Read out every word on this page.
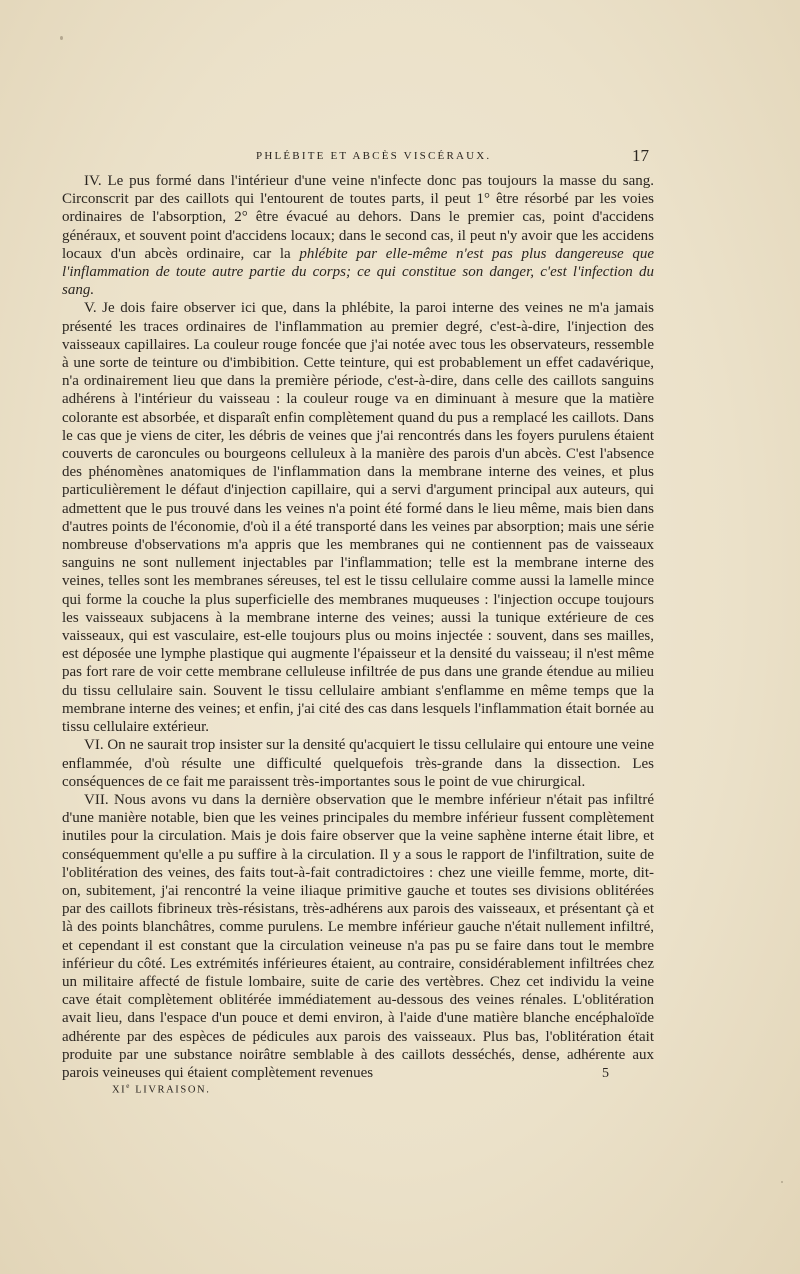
PHLÉBITE ET ABCÈS VISCÉRAUX.	17

IV. Le pus formé dans l'intérieur d'une veine n'infecte donc pas toujours la masse du sang. Circonscrit par des caillots qui l'entourent de toutes parts, il peut 1° être résorbé par les voies ordinaires de l'absorption, 2° être évacué au dehors. Dans le premier cas, point d'accidens généraux, et souvent point d'accidens locaux; dans le second cas, il peut n'y avoir que les accidens locaux d'un abcès ordinaire, car la phlébite par elle-même n'est pas plus dangereuse que l'inflammation de toute autre partie du corps; ce qui constitue son danger, c'est l'infection du sang.

V. Je dois faire observer ici que, dans la phlébite, la paroi interne des veines ne m'a jamais présenté les traces ordinaires de l'inflammation au premier degré, c'est-à-dire, l'injection des vaisseaux capillaires. La couleur rouge foncée que j'ai notée avec tous les observateurs, ressemble à une sorte de teinture ou d'imbibition. Cette teinture, qui est probablement un effet cadavérique, n'a ordinairement lieu que dans la première période, c'est-à-dire, dans celle des caillots sanguins adhérens à l'intérieur du vaisseau : la couleur rouge va en diminuant à mesure que la matière colorante est absorbée, et disparaît enfin complètement quand du pus a remplacé les caillots. Dans le cas que je viens de citer, les débris de veines que j'ai rencontrés dans les foyers purulens étaient couverts de caroncules ou bourgeons celluleux à la manière des parois d'un abcès. C'est l'absence des phénomènes anatomiques de l'inflammation dans la membrane interne des veines, et plus particulièrement le défaut d'injection capillaire, qui a servi d'argument principal aux auteurs, qui admettent que le pus trouvé dans les veines n'a point été formé dans le lieu même, mais bien dans d'autres points de l'économie, d'où il a été transporté dans les veines par absorption; mais une série nombreuse d'observations m'a appris que les membranes qui ne contiennent pas de vaisseaux sanguins ne sont nullement injectables par l'inflammation; telle est la membrane interne des veines, telles sont les membranes séreuses, tel est le tissu cellulaire comme aussi la lamelle mince qui forme la couche la plus superficielle des membranes muqueuses : l'injection occupe toujours les vaisseaux subjacens à la membrane interne des veines; aussi la tunique extérieure de ces vaisseaux, qui est vasculaire, est-elle toujours plus ou moins injectée : souvent, dans ses mailles, est déposée une lymphe plastique qui augmente l'épaisseur et la densité du vaisseau; il n'est même pas fort rare de voir cette membrane celluleuse infiltrée de pus dans une grande étendue au milieu du tissu cellulaire sain. Souvent le tissu cellulaire ambiant s'enflamme en même temps que la membrane interne des veines; et enfin, j'ai cité des cas dans lesquels l'inflammation était bornée au tissu cellulaire extérieur.

VI. On ne saurait trop insister sur la densité qu'acquiert le tissu cellulaire qui entoure une veine enflammée, d'où résulte une difficulté quelquefois très-grande dans la dissection. Les conséquences de ce fait me paraissent très-importantes sous le point de vue chirurgical.

VII. Nous avons vu dans la dernière observation que le membre inférieur n'était pas infiltré d'une manière notable, bien que les veines principales du membre inférieur fussent complètement inutiles pour la circulation. Mais je dois faire observer que la veine saphène interne était libre, et conséquemment qu'elle a pu suffire à la circulation. Il y a sous le rapport de l'infiltration, suite de l'oblitération des veines, des faits tout-à-fait contradictoires : chez une vieille femme, morte, dit-on, subitement, j'ai rencontré la veine iliaque primitive gauche et toutes ses divisions oblitérées par des caillots fibrineux très-résistans, très-adhérens aux parois des vaisseaux, et présentant çà et là des points blanchâtres, comme purulens. Le membre inférieur gauche n'était nullement infiltré, et cependant il est constant que la circulation veineuse n'a pas pu se faire dans tout le membre inférieur du côté. Les extrémités inférieures étaient, au contraire, considérablement infiltrées chez un militaire affecté de fistule lombaire, suite de carie des vertèbres. Chez cet individu la veine cave était complètement oblitérée immédiatement au-dessous des veines rénales. L'oblitération avait lieu, dans l'espace d'un pouce et demi environ, à l'aide d'une matière blanche encéphaloïde adhérente par des espèces de pédicules aux parois des vaisseaux. Plus bas, l'oblitération était produite par une substance noirâtre semblable à des caillots desséchés, dense, adhérente aux parois veineuses qui étaient complètement revenues

XIe LIVRAISON.
5
